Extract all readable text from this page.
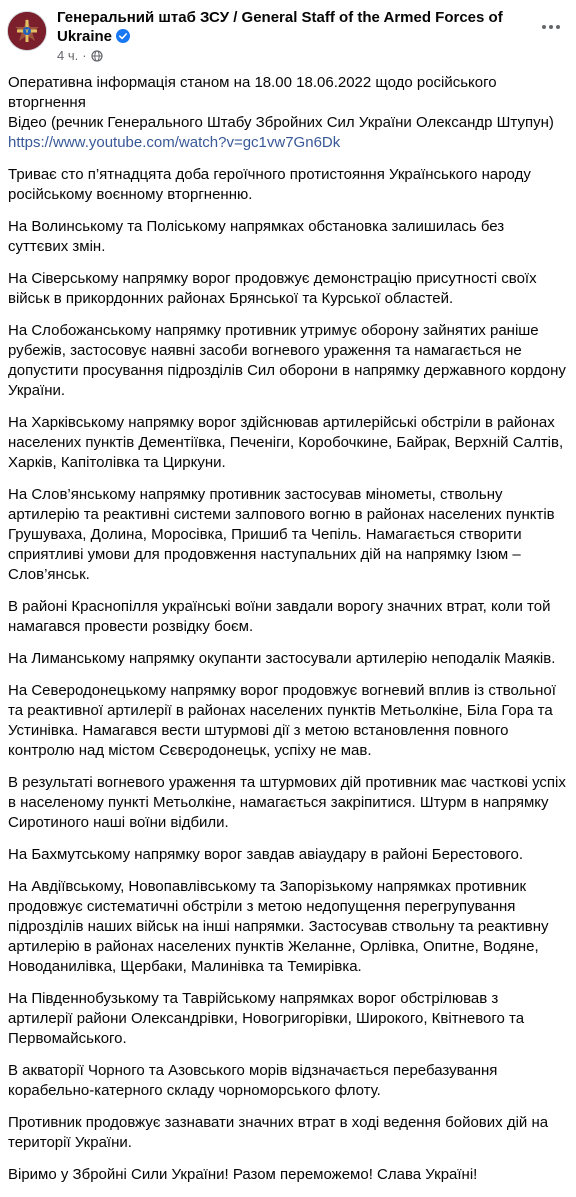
Генеральний штаб ЗСУ / General Staff of the Armed Forces of Ukraine
4 ч. ·

Оперативна інформація станом на 18.00 18.06.2022 щодо російського вторгнення
Відео (речник Генерального Штабу Збройних Сил України Олександр Штупун)
https://www.youtube.com/watch?v=gc1vw7Gn6Dk

Триває сто п’ятнадцята доба героїчного протистояння Українського народу російському воєнному вторгненню.

На Волинському та Поліському напрямках обстановка залишилась без суттєвих змін.

На Сіверському напрямку ворог продовжує демонстрацію присутності своїх військ в прикордонних районах Брянської та Курської областей.

На Слобожанському напрямку противник утримує оборону зайнятих раніше рубежів, застосовує наявні засоби вогневого ураження та намагається не допустити просування підрозділів Сил оборони в напрямку державного кордону України.

На Харківському напрямку ворог здійснював артилерійські обстріли в районах населених пунктів Дементіївка, Печеніги, Коробочкине, Байрак, Верхній Салтів, Харків, Капітолівка та Циркуни.

На Слов’янському напрямку противник застосував мінометы, ствольну артилерію та реактивні системи залпового вогню в районах населених пунктів Грушуваха, Долина, Моросівка, Пришиб та Чепіль. Намагається створити сприятливі умови для продовження наступальних дій на напрямку Ізюм – Слов’янськ.

В районі Краснопілля українські воїни завдали ворогу значних втрат, коли той намагався провести розвідку боєм.

На Лиманському напрямку окупанти застосували артилерію неподалік Маяків.

На Северодонецькому напрямку ворог продовжує вогневий вплив із ствольної та реактивної артилерії в районах населених пунктів Метьолкіне, Біла Гора та Устинівка. Намагався вести штурмові дії з метою встановлення повного контролю над містом Сєвєродонецьк, успіху не мав.

В результаті вогневого ураження та штурмових дій противник має часткові успіх в населеному пункті Метьолкіне, намагається закріпитися. Штурм в напрямку Сиротиного наші воїни відбили.

На Бахмутському напрямку ворог завдав авіаудару в районі Берестового.

На Авдіївському, Новопавлівському та Запорізькому напрямках противник продовжує систематичні обстріли з метою недопущення перегрупування підрозділів наших військ на інші напрямки. Застосував ствольну та реактивну артилерію в районах населених пунктів Желанне, Орлівка, Опитне, Водяне, Новоданилівка, Щербаки, Малинівка та Темирівка.

На Південнобузькому та Таврійському напрямках ворог обстрілював з артилерії райони Олександрівки, Новогригорівки, Широкого, Квітневого та Первомайського.

В акваторії Чорного та Азовського морів відзначається перебазування корабельно-катерного складу чорноморського флоту.

Противник продовжує зазнавати значних втрат в ході ведення бойових дій на території України.

Віримо у Збройні Сили України! Разом переможемо! Слава Україні!
